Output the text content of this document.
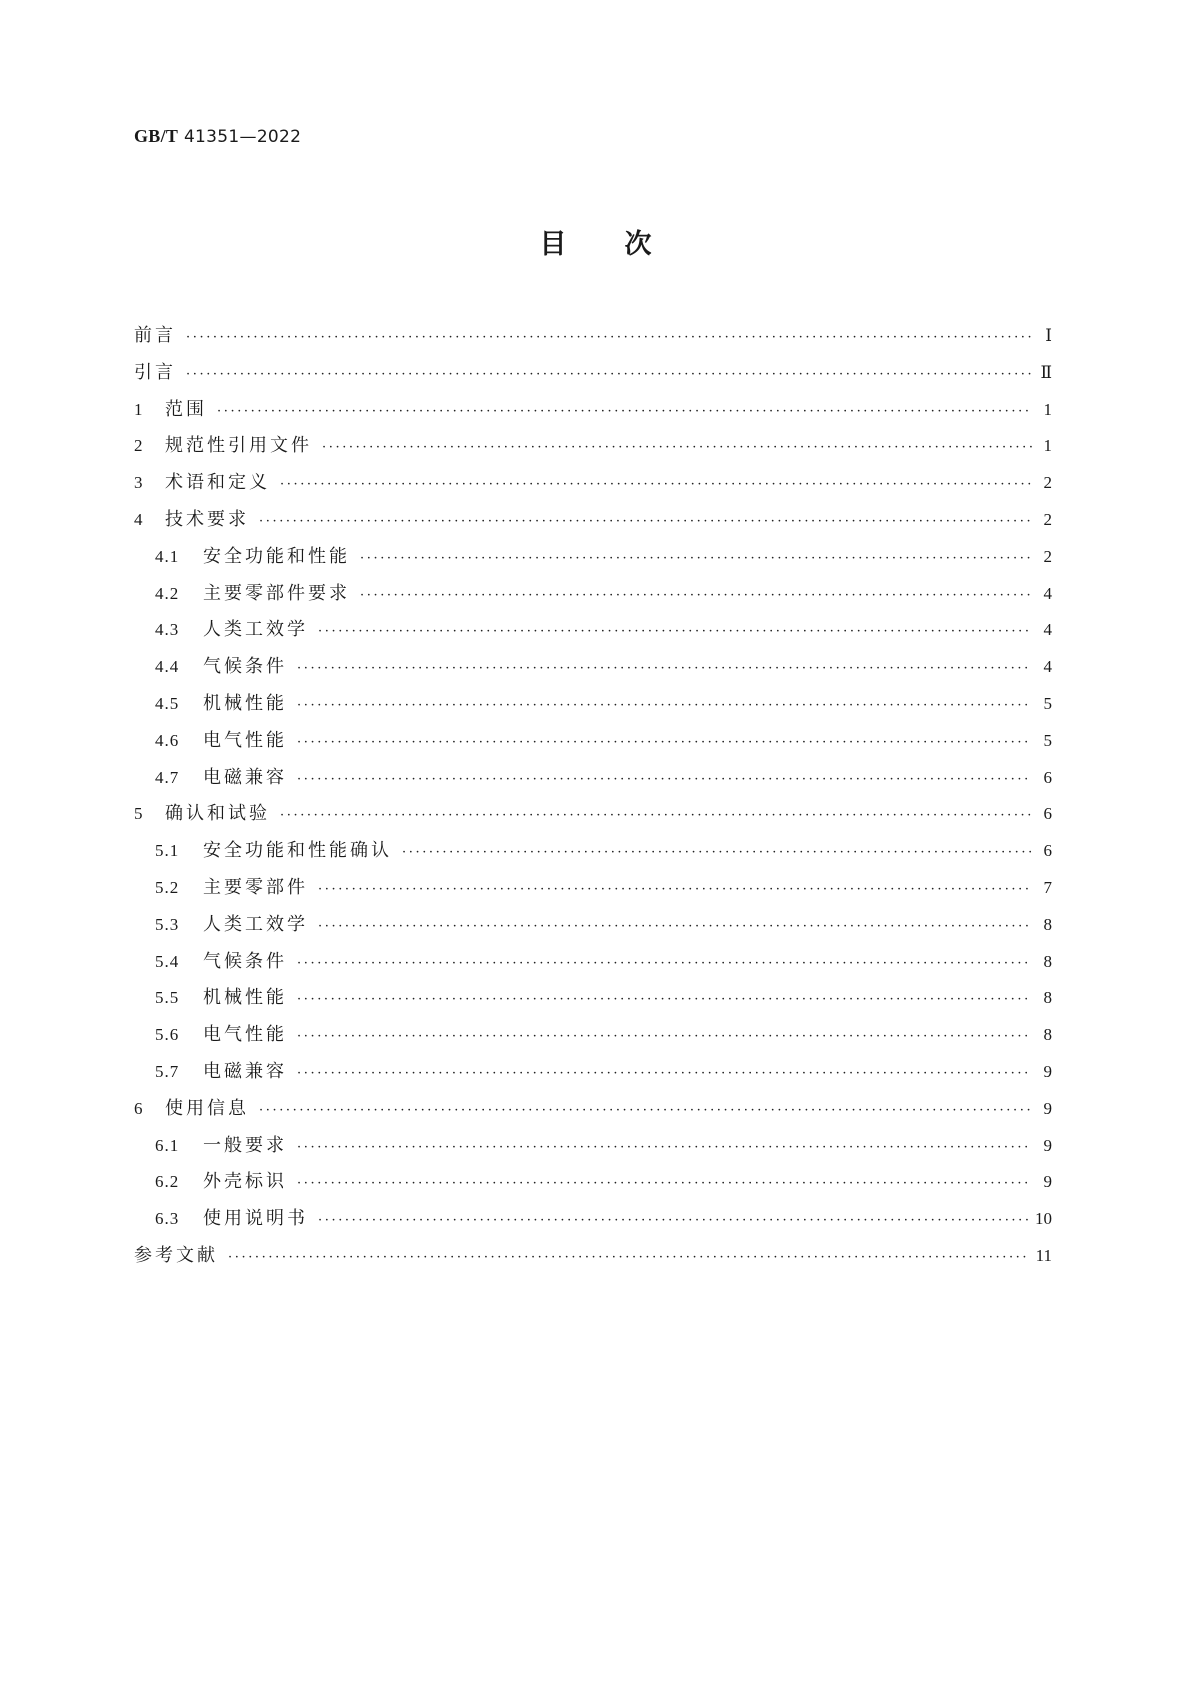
GB/T 41351—2022
目 次
前言 ·····	Ⅰ
引言 ·····	Ⅱ
1	范围 ·····	1
2	规范性引用文件 ·····	1
3	术语和定义 ·····	2
4	技术要求 ·····	2
4.1	安全功能和性能 ·····	2
4.2	主要零部件要求 ·····	4
4.3	人类工效学 ·····	4
4.4	气候条件 ·····	4
4.5	机械性能 ·····	5
4.6	电气性能 ·····	5
4.7	电磁兼容 ·····	6
5	确认和试验 ·····	6
5.1	安全功能和性能确认 ·····	6
5.2	主要零部件 ·····	7
5.3	人类工效学 ·····	8
5.4	气候条件 ·····	8
5.5	机械性能 ·····	8
5.6	电气性能 ·····	8
5.7	电磁兼容 ·····	9
6	使用信息 ·····	9
6.1	一般要求 ·····	9
6.2	外壳标识 ·····	9
6.3	使用说明书 ·····	10
参考文献 ·····	11
